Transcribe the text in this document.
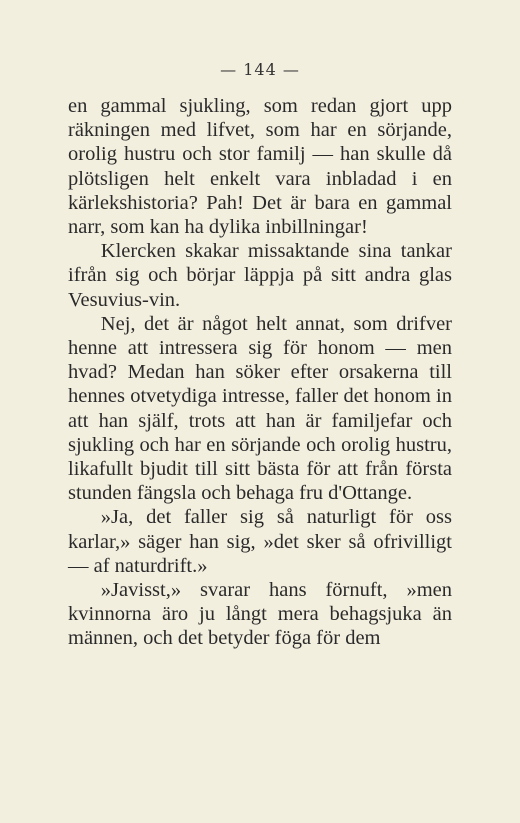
— 144 —

en gammal sjukling, som redan gjort upp räkningen med lifvet, som har en sörjande, orolig hustru och stor familj — han skulle då plötsligen helt enkelt vara inbladad i en kärlekshistoria? Pah! Det är bara en gammal narr, som kan ha dylika inbillningar!

Klercken skakar missaktande sina tankar ifrån sig och börjar läppja på sitt andra glas Vesuvius-vin.

Nej, det är något helt annat, som drifver henne att intressera sig för honom — men hvad? Medan han söker efter orsakerna till hennes otvetydiga intresse, faller det honom in att han själf, trots att han är familjefar och sjukling och har en sörjande och orolig hustru, likafullt bjudit till sitt bästa för att från första stunden fängsla och behaga fru d'Ottange.

»Ja, det faller sig så naturligt för oss karlar,» säger han sig, »det sker så ofrivilligt — af naturdrift.»

»Javisst,» svarar hans förnuft, »men kvinnorna äro ju långt mera behagsjuka än männen, och det betyder föga för dem
